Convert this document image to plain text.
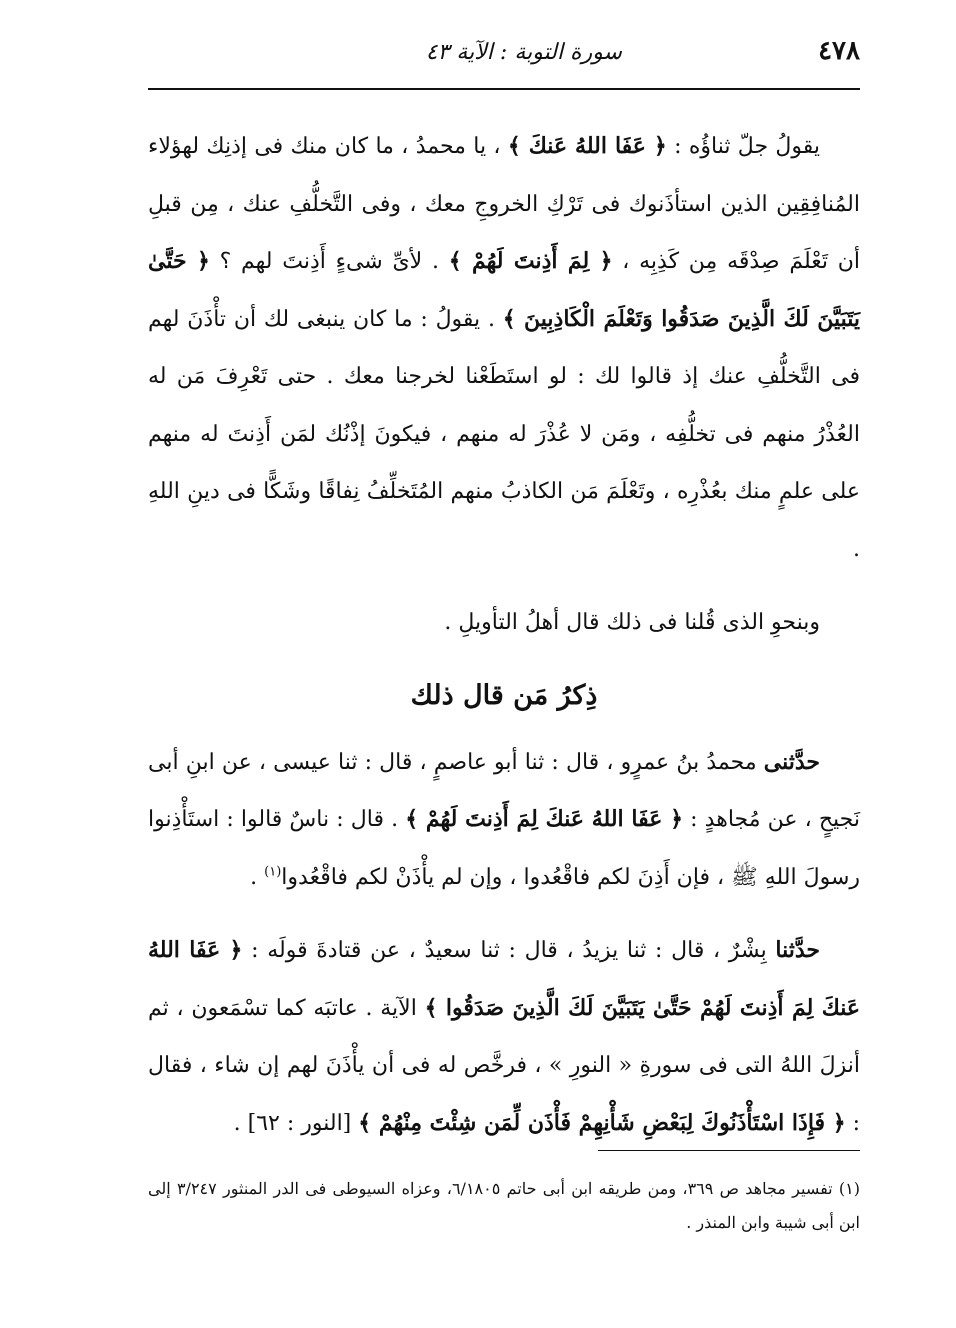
٤٧٨
سورة التوبة : الآية ٤٣

يقولُ جلّ ثناؤُه : ﴿ عَفَا اللهُ عَنكَ ﴾ ، يا محمدُ ، ما كان منك فى إذنِك لهؤلاء المُنافِقِين الذين استأذَنوك فى تَرْكِ الخروجِ معك ، وفى التَّخلُّفِ عنك ، مِن قبلِ أن تَعْلَمَ صِدْقَه مِن كَذِبِه ، ﴿ لِمَ أَذِنتَ لَهُمْ ﴾ . لأىِّ شىءٍ أَذِنتَ لهم ؟ ﴿ حَتَّىٰ يَتَبَيَّنَ لَكَ الَّذِينَ صَدَقُوا وَتَعْلَمَ الْكَاذِبِينَ ﴾ . يقولُ : ما كان ينبغى لك أن تأْذَنَ لهم فى التَّخلُّفِ عنك إذ قالوا لك : لو استَطَعْنا لخرجنا معك . حتى تَعْرِفَ مَن له العُذْرُ منهم فى تخلُّفِه ، ومَن لا عُذْرَ له منهم ، فيكونَ إذْنُك لمَن أَذِنتَ له منهم على علمٍ منك بعُذْرِه ، وتَعْلَمَ مَن الكاذبُ منهم المُتَخلِّفُ نِفاقًا وشَكًّا فى دينِ اللهِ .

وبنحوِ الذى قُلنا فى ذلك قال أهلُ التأويلِ .

ذِكرُ مَن قال ذلك

حدَّثنى محمدُ بنُ عمرٍو ، قال : ثنا أبو عاصمٍ ، قال : ثنا عيسى ، عن ابنِ أبى نَجيحٍ ، عن مُجاهدٍ : ﴿ عَفَا اللهُ عَنكَ لِمَ أَذِنتَ لَهُمْ ﴾ . قال : ناسٌ قالوا : استَأْذِنوا رسولَ اللهِ ﷺ ، فإن أَذِنَ لكم فاقْعُدوا ، وإن لم يأْذَنْ لكم فاقْعُدوا$^{(١)}$ .

حدَّثنا بِشْرٌ ، قال : ثنا يزيدُ ، قال : ثنا سعيدٌ ، عن قتادةَ قولَه : ﴿ عَفَا اللهُ عَنكَ لِمَ أَذِنتَ لَهُمْ حَتَّىٰ يَتَبَيَّنَ لَكَ الَّذِينَ صَدَقُوا ﴾ الآية . عاتبَه كما تسْمَعون ، ثم أنزلَ اللهُ التى فى سورةِ « النورِ » ، فرخَّص له فى أن يأْذَنَ لهم إن شاء ، فقال : ﴿ فَإِذَا اسْتَأْذَنُوكَ لِبَعْضِ شَأْنِهِمْ فَأْذَن لِّمَن شِئْتَ مِنْهُمْ ﴾ [النور : ٦٢] .

(١) تفسير مجاهد ص ٣٦٩، ومن طريقه ابن أبى حاتم ٦/١٨٠٥، وعزاه السيوطى فى الدر المنثور ٣/٢٤٧ إلى ابن أبى شيبة وابن المنذر .
